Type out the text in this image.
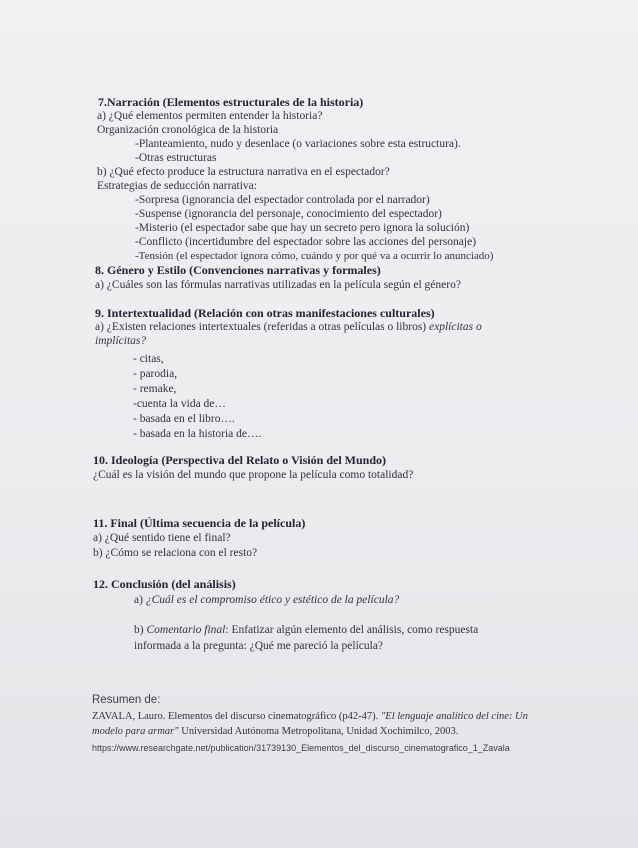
7.Narración (Elementos estructurales de la historia)
a) ¿Qué elementos permiten entender la historia?
Organización cronológica de la historia
-Planteamiento, nudo y desenlace (o variaciones sobre esta estructura).
-Otras estructuras
b) ¿Qué efecto produce la estructura narrativa en el espectador?
Estrategias de seducción narrativa:
-Sorpresa (ignorancia del espectador controlada por el narrador)
-Suspense (ignorancia del personaje, conocimiento del espectador)
-Misterio (el espectador sabe que hay un secreto pero ignora la solución)
-Conflicto (incertidumbre del espectador sobre las acciones del personaje)
-Tensión (el espectador ignora cómo, cuándo y por qué va a ocurrir lo anunciado)
8. Género y Estilo (Convenciones narrativas y formales)
a) ¿Cuáles son las fórmulas narrativas utilizadas en la película según el género?
9. Intertextualidad (Relación con otras manifestaciones culturales)
a) ¿Existen relaciones intertextuales (referidas a otras películas o libros) explícitas o
implícitas?
- citas,
- parodia,
- remake,
-cuenta la vida de…
- basada en el libro….
- basada en la historia de….
10. Ideología (Perspectiva del Relato o Visión del Mundo)
¿Cuál es la visión del mundo que propone la película como totalidad?
11. Final (Última secuencia de la película)
a) ¿Qué sentido tiene el final?
b) ¿Cómo se relaciona con el resto?
12. Conclusión (del análisis)
a) ¿Cuál es el compromiso ético y estético de la película?
b) Comentario final: Enfatizar algún elemento del análisis, como respuesta
informada a la pregunta: ¿Qué me pareció la película?
Resumen de:
ZAVALA, Lauro. Elementos del discurso cinematográfico (p42-47). "El lenguaje analítico del cine: Un
modelo para armar" Universidad Autónoma Metropolitana, Unidad Xochimilco, 2003.
https://www.researchgate.net/publication/31739130_Elementos_del_discurso_cinematografico_1_Zavala
